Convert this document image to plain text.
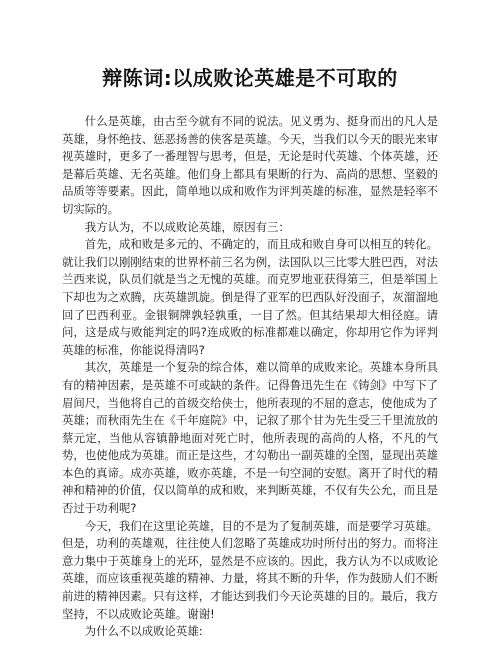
辩陈词:以成败论英雄是不可取的

什么是英雄，由古至今就有不同的说法。见义勇为、挺身而出的凡人是英雄，身怀绝技、惩恶扬善的侠客是英雄。今天，当我们以今天的眼光来审视英雄时，更多了一番理智与思考，但是，无论是时代英雄、个体英雄，还是幕后英雄、无名英雄。他们身上都具有果断的行为、高尚的思想、坚毅的品质等等要素。因此，简单地以成和败作为评判英雄的标准，显然是轻率不切实际的。

我方认为，不以成败论英雄，原因有三：

首先，成和败是多元的、不确定的，而且成和败自身可以相互的转化。就让我们以刚刚结束的世界杯前三名为例，法国队以三比零大胜巴西，对法兰西来说，队员们就是当之无愧的英雄。而克罗地亚获得第三，但是举国上下却也为之欢腾，庆英雄凯旋。倒是得了亚军的巴西队好没面子，灰溜溜地回了巴西利亚。金银铜牌孰轻孰重，一目了然。但其结果却大相径庭。请问，这是成与败能判定的吗?连成败的标准都难以确定，你却用它作为评判英雄的标准，你能说得清吗?

其次，英雄是一个复杂的综合体，难以简单的成败来论。英雄本身所具有的精神因素，是英雄不可或缺的条件。记得鲁迅先生在《铸剑》中写下了眉间尺，当他将自己的首级交给侠士，他所表现的不屈的意志，使他成为了英雄；而秋雨先生在《千年庭院》中，记叙了那个甘为先生受三千里流放的蔡元定，当他从容镇静地面对死亡时，他所表现的高尚的人格，不凡的气势，也使他成为英雄。而正是这些，才勾勒出一副英雄的全图，显现出英雄本色的真谛。成亦英雄，败亦英雄，不是一句空洞的安慰。离开了时代的精神和精神的价值，仅以简单的成和败，来判断英雄，不仅有失公允，而且是否过于功利呢?

今天，我们在这里论英雄，目的不是为了复制英雄，而是要学习英雄。但是，功利的英雄观，往往使人们忽略了英雄成功时所付出的努力。而将注意力集中于英雄身上的光环，显然是不应该的。因此，我方认为不以成败论英雄，而应该重视英雄的精神、力量，将其不断的升华，作为鼓励人们不断前进的精神因素。只有这样，才能达到我们今天论英雄的目的。最后，我方坚持，不以成败论英雄。谢谢!

为什么不以成败论英雄:
